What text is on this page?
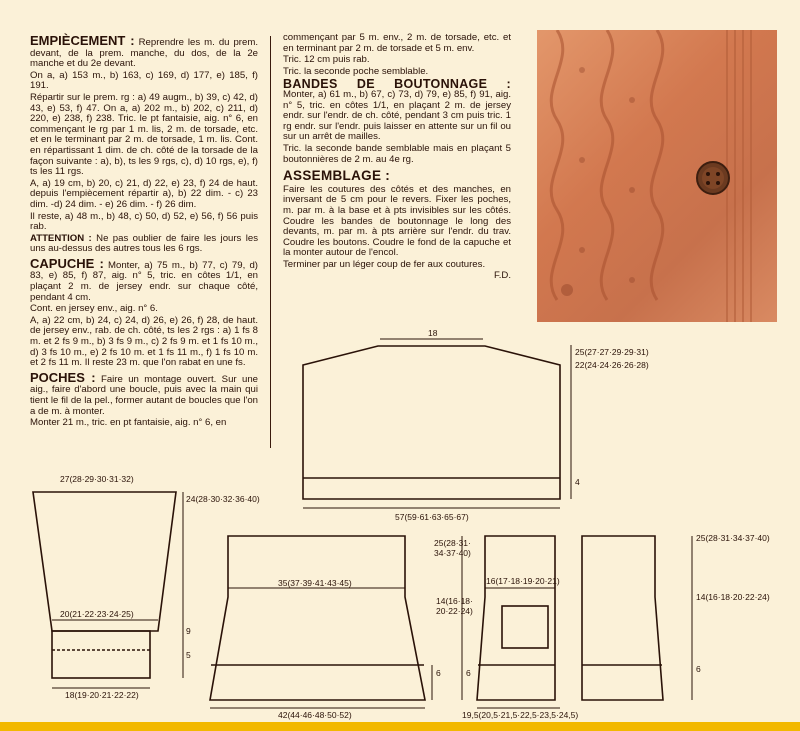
EMPIÈCEMENT : Reprendre les m. du prem. devant, de la prem. manche, du dos, de la 2e manche et du 2e devant.

On a, a) 153 m., b) 163, c) 169, d) 177, e) 185, f) 191.

Répartir sur le prem. rg : a) 49 augm., b) 39, c) 42, d) 43, e) 53, f) 47. On a, a) 202 m., b) 202, c) 211, d) 220, e) 238, f) 238. Tric. le pt fantaisie, aig. n° 6, en commençant le rg par 1 m. lis, 2 m. de torsade, etc. et en le terminant par 2 m. de torsade, 1 m. lis. Cont. en répartissant 1 dim. de ch. côté de la torsade de la façon suivante : a), b), ts les 9 rgs, c), d) 10 rgs, e), f) ts les 11 rgs.

A, a) 19 cm, b) 20, c) 21, d) 22, e) 23, f) 24 de haut. depuis l'empiècement répartir a), b) 22 dim. - c) 23 dim. -d) 24 dim. - e) 26 dim. - f) 26 dim.

Il reste, a) 48 m., b) 48, c) 50, d) 52, e) 56, f) 56 puis rab.

ATTENTION : Ne pas oublier de faire les jours les uns au-dessus des autres tous les 6 rgs.

CAPUCHE : Monter, a) 75 m., b) 77, c) 79, d) 83, e) 85, f) 87, aig. n° 5, tric. en côtes 1/1, en plaçant 2 m. de jersey endr. sur chaque côté, pendant 4 cm.

Cont. en jersey env., aig. n° 6.

A, a) 22 cm, b) 24, c) 24, d) 26, e) 26, f) 28, de haut. de jersey env., rab. de ch. côté, ts les 2 rgs : a) 1 fs 8 m. et 2 fs 9 m., b) 3 fs 9 m., c) 2 fs 9 m. et 1 fs 10 m., d) 3 fs 10 m., e) 2 fs 10 m. et 1 fs 11 m., f) 1 fs 10 m. et 2 fs 11 m. Il reste 23 m. que l'on rabat en une fs.

POCHES : Faire un montage ouvert. Sur une aig., faire d'abord une boucle, puis avec la main qui tient le fil de la pel., former autant de boucles que l'on a de m. à monter.

Monter 21 m., tric. en pt fantaisie, aig. n° 6, en

commençant par 5 m. env., 2 m. de torsade, etc. et en terminant par 2 m. de torsade et 5 m. env.

Tric. 12 cm puis rab.

Tric. la seconde poche semblable.

BANDES DE BOUTONNAGE :

Monter, a) 61 m., b) 67, c) 73, d) 79, e) 85, f) 91, aig. n° 5, tric. en côtes 1/1, en plaçant 2 m. de jersey endr. sur l'endr. de ch. côté, pendant 3 cm puis tric. 1 rg endr. sur l'endr. puis laisser en attente sur un fil ou sur un arrêt de mailles.

Tric. la seconde bande semblable mais en plaçant 5 boutonnières de 2 m. au 4e rg.

ASSEMBLAGE :

Faire les coutures des côtés et des manches, en inversant de 5 cm pour le revers. Fixer les poches, m. par m. à la base et à pts invisibles sur les côtés. Coudre les bandes de boutonnage le long des devants, m. par m. à pts arrière sur l'endr. du trav. Coudre les boutons. Coudre le fond de la capuche et la monter autour de l'encol.

Terminer par un léger coup de fer aux coutures.

F.D.

18
25(27·27·29·29·31)
22(24·24·26·26·28)
4
57(59·61·63·65·67)
27(28·29·30·31·32)
24(28·30·32·36·40)
20(21·22·23·24·25)
9
5
18(19·20·21·22·22)
35(37·39·41·43·45)
42(44·46·48·50·52)
6
25(28·31·
34·37·40)
16(17·18·19·20·21)
14(16·18·
20·22·24)
6
19,5(20,5·21,5·22,5·23,5·24,5)
25(28·31·34·37·40)
14(16·18·20·22·24)
6
